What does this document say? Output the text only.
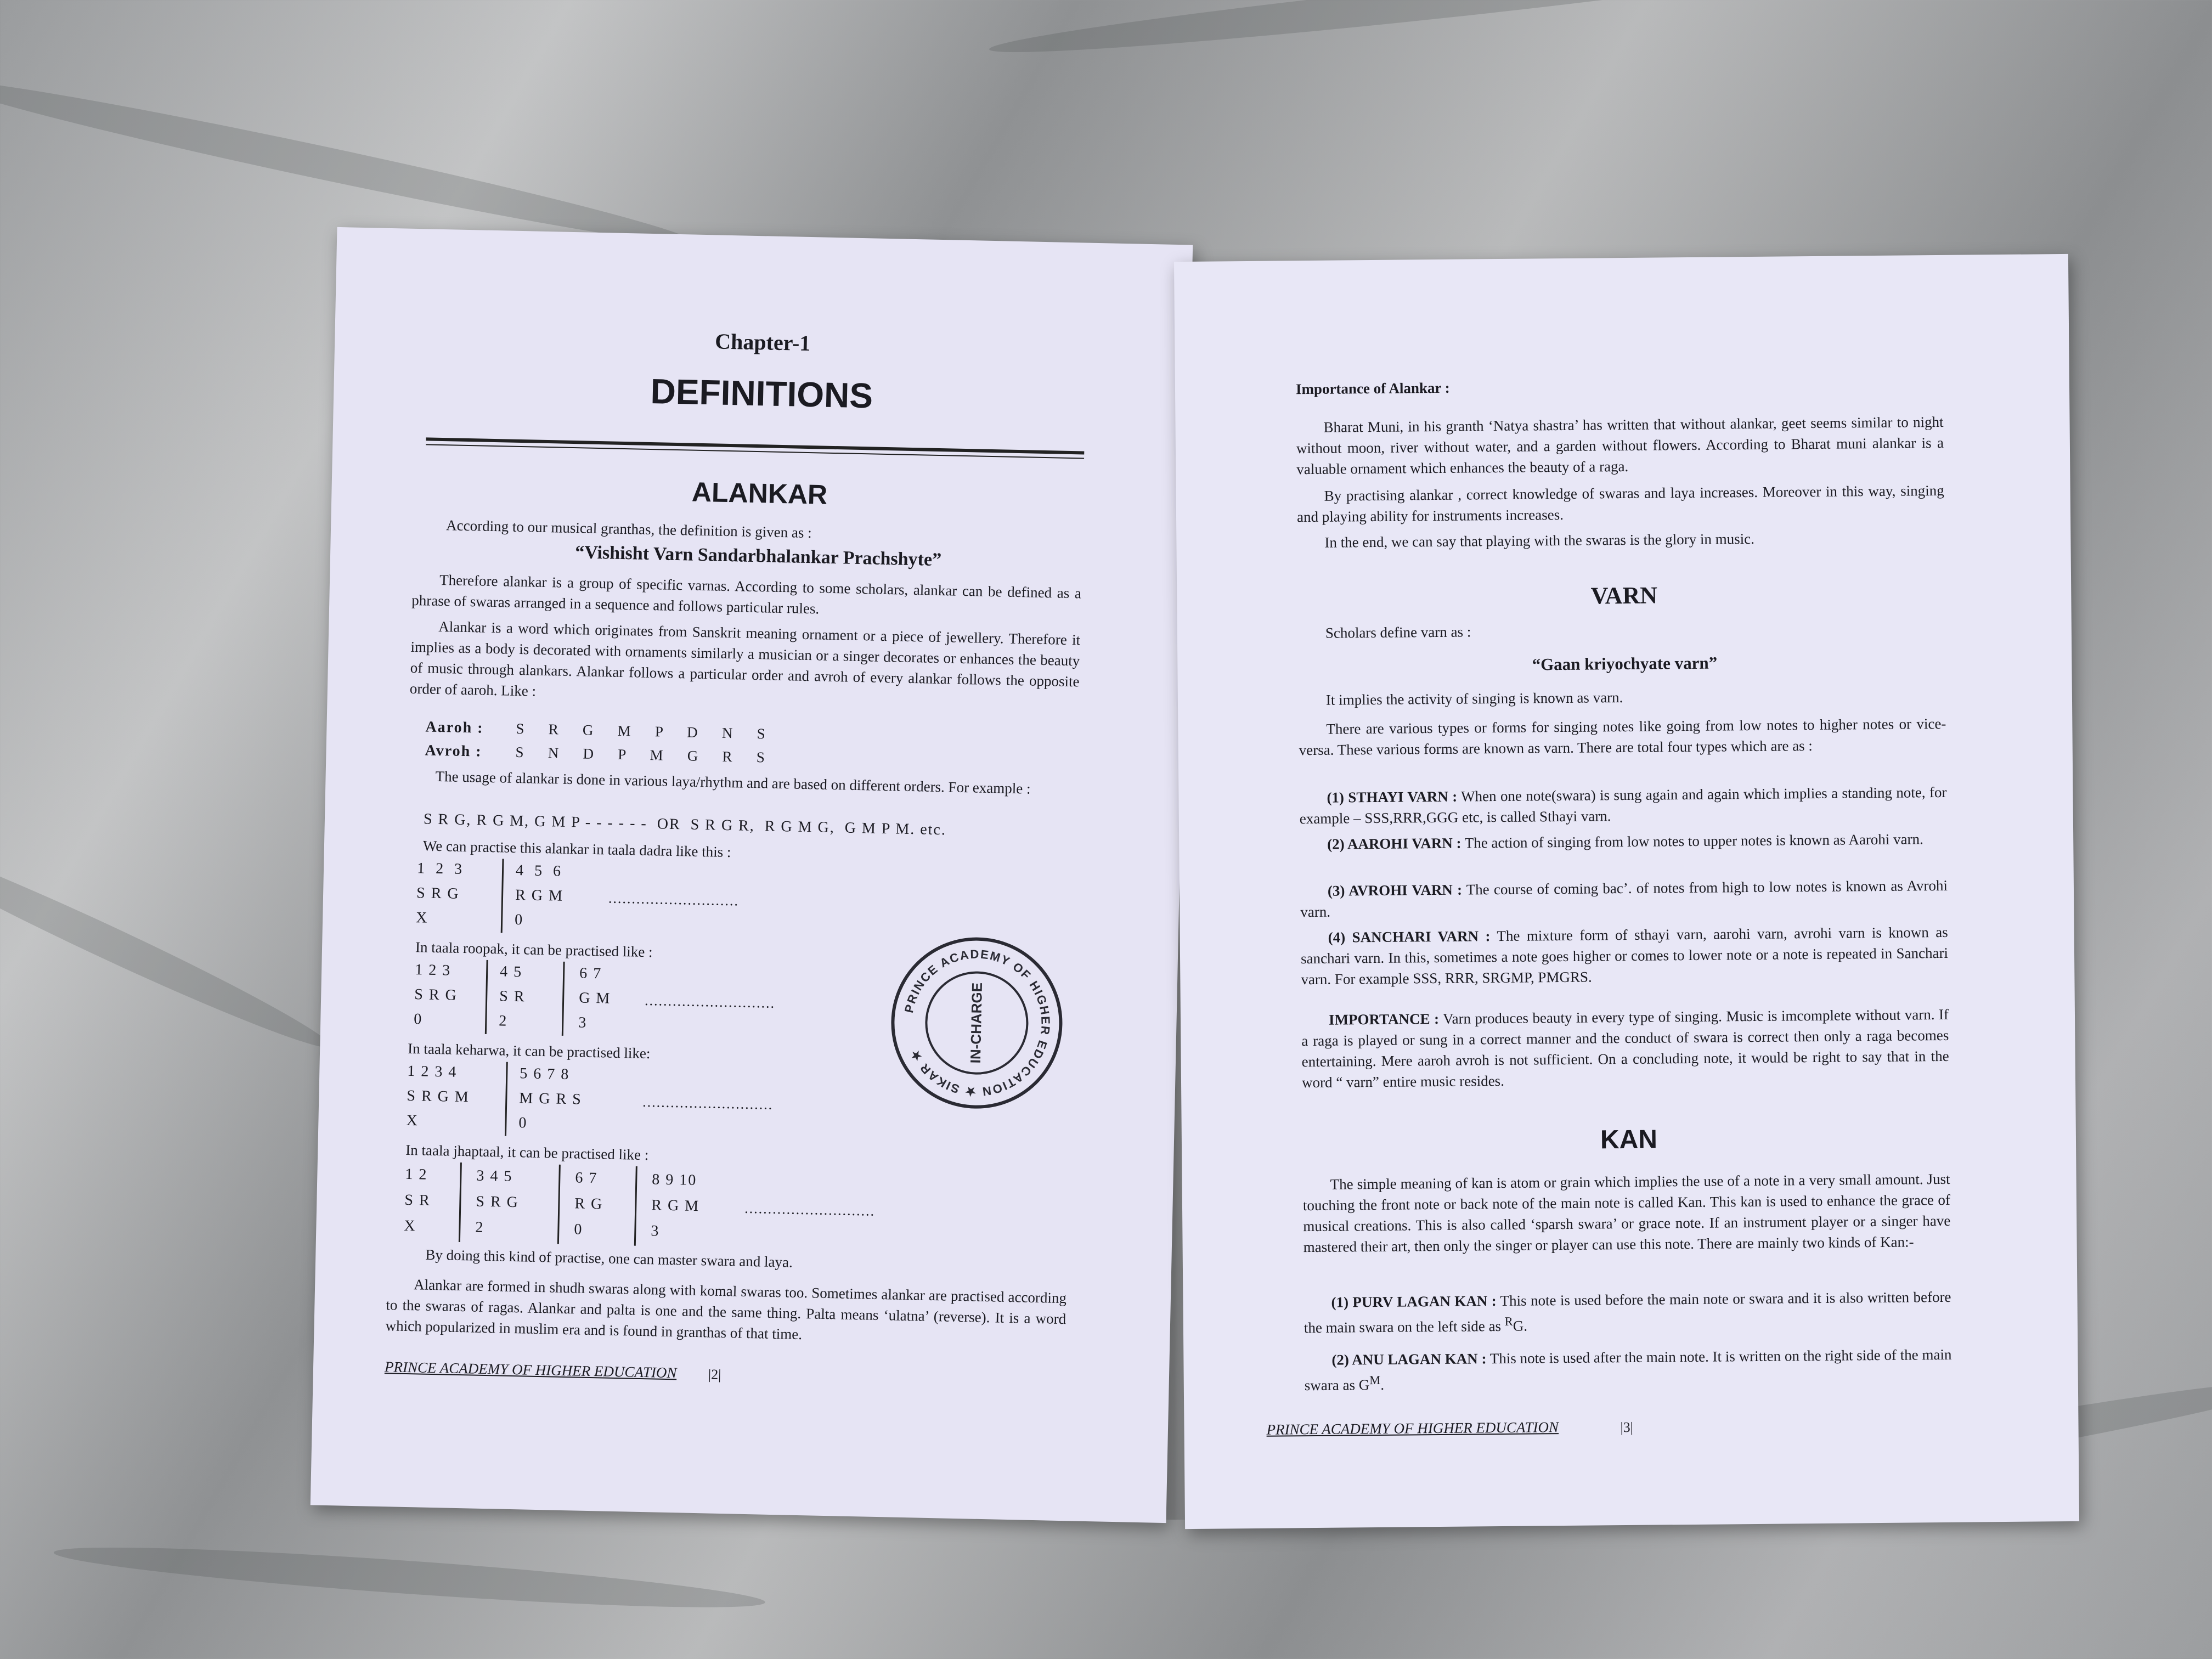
Chapter-1
DEFINITIONS
ALANKAR
According to our musical granthas, the definition is given as :
“Vishisht Varn Sandarbhalankar Prachshyte”
Therefore alankar is a group of specific varnas. According to some scholars, alankar can be defined as a phrase of swaras arranged in a sequence and follows particular rules.
Alankar is a word which originates from Sanskrit meaning ornament or a piece of jewellery. Therefore it implies as a body is decorated with ornaments similarly a musician or a singer decorates or enhances the beauty of music through alankars. Alankar follows a particular order and avroh of every alankar follows the opposite order of aaroh. Like :
Aaroh : S   R   G   M   P   D   N   S
Avroh : S   N   D   P   M   G   R   S
The usage of alankar is done in various laya/rhythm and are based on different orders. For example :
S R G, R G M, G M P - - - - - -  OR  S R G R,  R G M G,  G M P M. etc.
We can practise this alankar in taala dadra like this :
1  2  3
S R G
X
4  5  6
R G M
0
............................
In taala roopak, it can be practised like :
1 2 3
S R G
0
4 5
S R
2
6 7
G M
3
............................
In taala keharwa, it can be practised like:
1 2 3 4
S R G M
X
5 6 7 8
M G R S
0
............................
In taala jhaptaal, it can be practised like :
1 2
S R
X
3 4 5
S R G
2
6 7
R G
0
8 9 10
R G M
3
............................
By doing this kind of practise, one can master swara and laya.
Alankar are formed in shudh swaras along with komal swaras too. Sometimes alankar are practised according to the swaras of ragas. Alankar and palta is one and the same thing. Palta means ‘ulatna’ (reverse). It is a word which popularized in muslim era and is found in granthas of that time.
PRINCE ACADEMY OF HIGHER EDUCATION |2|
PRINCE ACADEMY OF HIGHER EDUCATION ★ SIKAR ★	IN-CHARGE
Importance of Alankar :
Bharat Muni, in his granth ‘Natya shastra’ has written that without alankar, geet seems similar to night without moon, river without water, and a garden without flowers. According to Bharat muni alankar is a valuable ornament which enhances the beauty of a raga.
By practising alankar , correct knowledge of swaras and laya increases. Moreover in this way, singing and playing ability for instruments increases.
In the end, we can say that playing with the swaras is the glory in music.
VARN
Scholars define varn as :
“Gaan kriyochyate varn”
It implies the activity of singing is known as varn.
There are various types or forms for singing notes like going from low notes to higher notes or vice-versa. These various forms are known as varn. There are total four types which are as :
(1) STHAYI VARN : When one note(swara) is sung again and again which implies a standing note, for example – SSS,RRR,GGG etc, is called Sthayi varn.
(2) AAROHI VARN : The action of singing from low notes to upper notes is known as Aarohi varn.
(3) AVROHI VARN : The course of coming bac’. of notes from high to low notes is known as Avrohi varn.
(4) SANCHARI VARN : The mixture form of sthayi varn, aarohi varn, avrohi varn is known as sanchari varn. In this, sometimes a note goes higher or comes to lower note or a note is repeated in Sanchari varn. For example SSS, RRR, SRGMP, PMGRS.
IMPORTANCE : Varn produces beauty in every type of singing. Music is imcomplete without varn. If a raga is played or sung in a correct manner and the conduct of swara is correct then only a raga becomes entertaining. Mere aaroh avroh is not sufficient. On a concluding note, it would be right to say that in the word “ varn” entire music resides.
KAN
The simple meaning of kan is atom or grain which implies the use of a note in a very small amount. Just touching the front note or back note of the main note is called Kan. This kan is used to enhance the grace of musical creations. This is also called ‘sparsh swara’ or grace note. If an instrument player or a singer have mastered their art, then only the singer or player can use this note. There are mainly two kinds of Kan:-
(1) PURV LAGAN KAN : This note is used before the main note or swara and it is also written before the main swara on the left side as $^R$G.
(2) ANU LAGAN KAN : This note is used after the main note. It is written on the right side of the main swara as $G^M$.
PRINCE ACADEMY OF HIGHER EDUCATION	|3|
